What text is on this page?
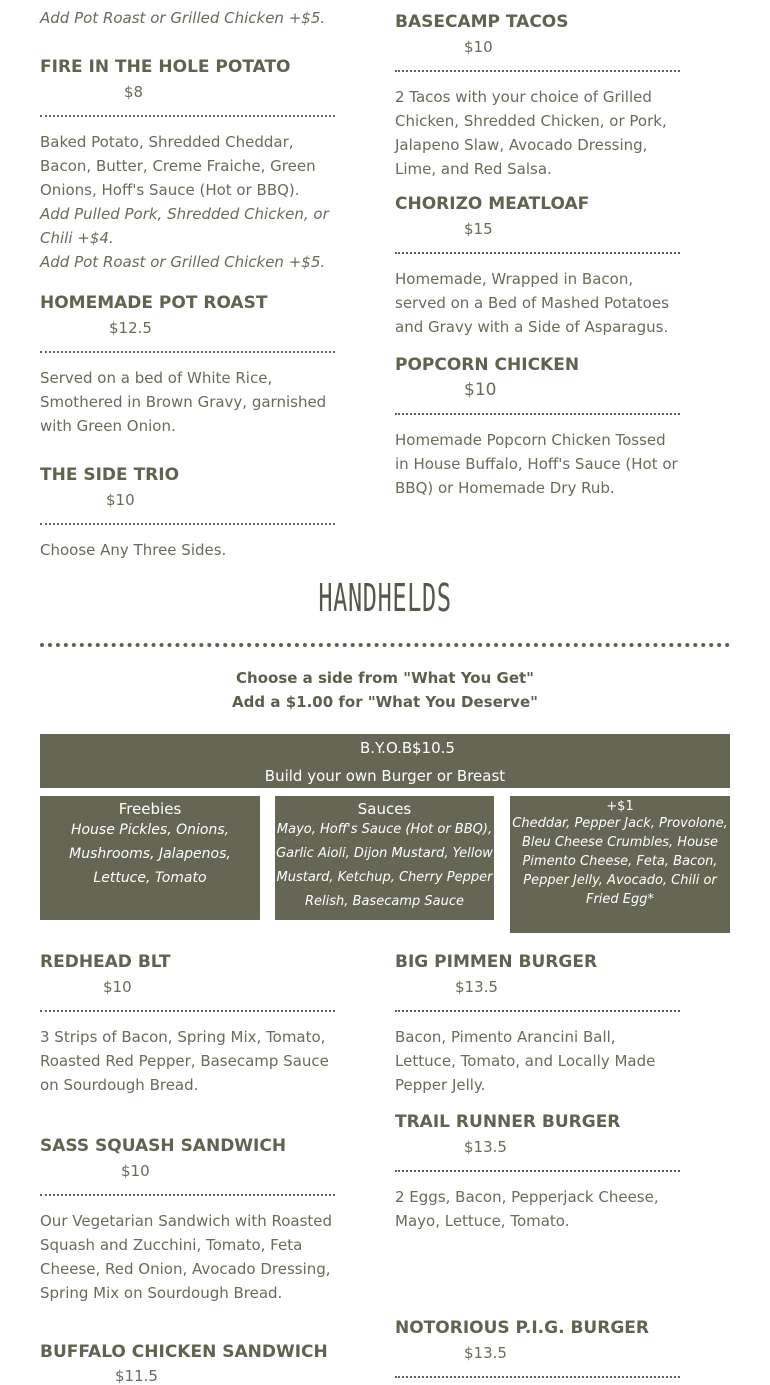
Add Pot Roast or Grilled Chicken +$5.
FIRE IN THE HOLE POTATO
$8
Baked Potato, Shredded Cheddar, Bacon, Butter, Creme Fraiche, Green Onions, Hoff's Sauce (Hot or BBQ).
Add Pulled Pork, Shredded Chicken, or Chili +$4.
Add Pot Roast or Grilled Chicken +$5.
HOMEMADE POT ROAST
$12.5
Served on a bed of White Rice, Smothered in Brown Gravy, garnished with Green Onion.
THE SIDE TRIO
$10
Choose Any Three Sides.
BASECAMP TACOS
$10
2 Tacos with your choice of Grilled Chicken, Shredded Chicken, or Pork, Jalapeno Slaw, Avocado Dressing, Lime, and Red Salsa.
CHORIZO MEATLOAF
$15
Homemade, Wrapped in Bacon, served on a Bed of Mashed Potatoes and Gravy with a Side of Asparagus.
POPCORN CHICKEN
$10
Homemade Popcorn Chicken Tossed in House Buffalo, Hoff's Sauce (Hot or BBQ) or Homemade Dry Rub.
HANDHELDS
Choose a side from "What You Get"
Add a $1.00 for "What You Deserve"
B.Y.O.B.
$10.5
Build your own Burger or Breast
Freebies
House Pickles, Onions, Mushrooms, Jalapenos, Lettuce, Tomato
Sauces
Mayo, Hoff's Sauce (Hot or BBQ), Garlic Aioli, Dijon Mustard, Yellow Mustard, Ketchup, Cherry Pepper Relish, Basecamp Sauce
+$1
Cheddar, Pepper Jack, Provolone, Bleu Cheese Crumbles, House Pimento Cheese, Feta, Bacon, Pepper Jelly, Avocado, Chili or Fried Egg*
REDHEAD BLT
$10
3 Strips of Bacon, Spring Mix, Tomato, Roasted Red Pepper, Basecamp Sauce on Sourdough Bread.
SASS SQUASH SANDWICH
$10
Our Vegetarian Sandwich with Roasted Squash and Zucchini, Tomato, Feta Cheese, Red Onion, Avocado Dressing, Spring Mix on Sourdough Bread.
BUFFALO CHICKEN SANDWICH
$11.5
BIG PIMMEN BURGER
$13.5
Bacon, Pimento Arancini Ball, Lettuce, Tomato, and Locally Made Pepper Jelly.
TRAIL RUNNER BURGER
$13.5
2 Eggs, Bacon, Pepperjack Cheese, Mayo, Lettuce, Tomato.
NOTORIOUS P.I.G. BURGER
$13.5
